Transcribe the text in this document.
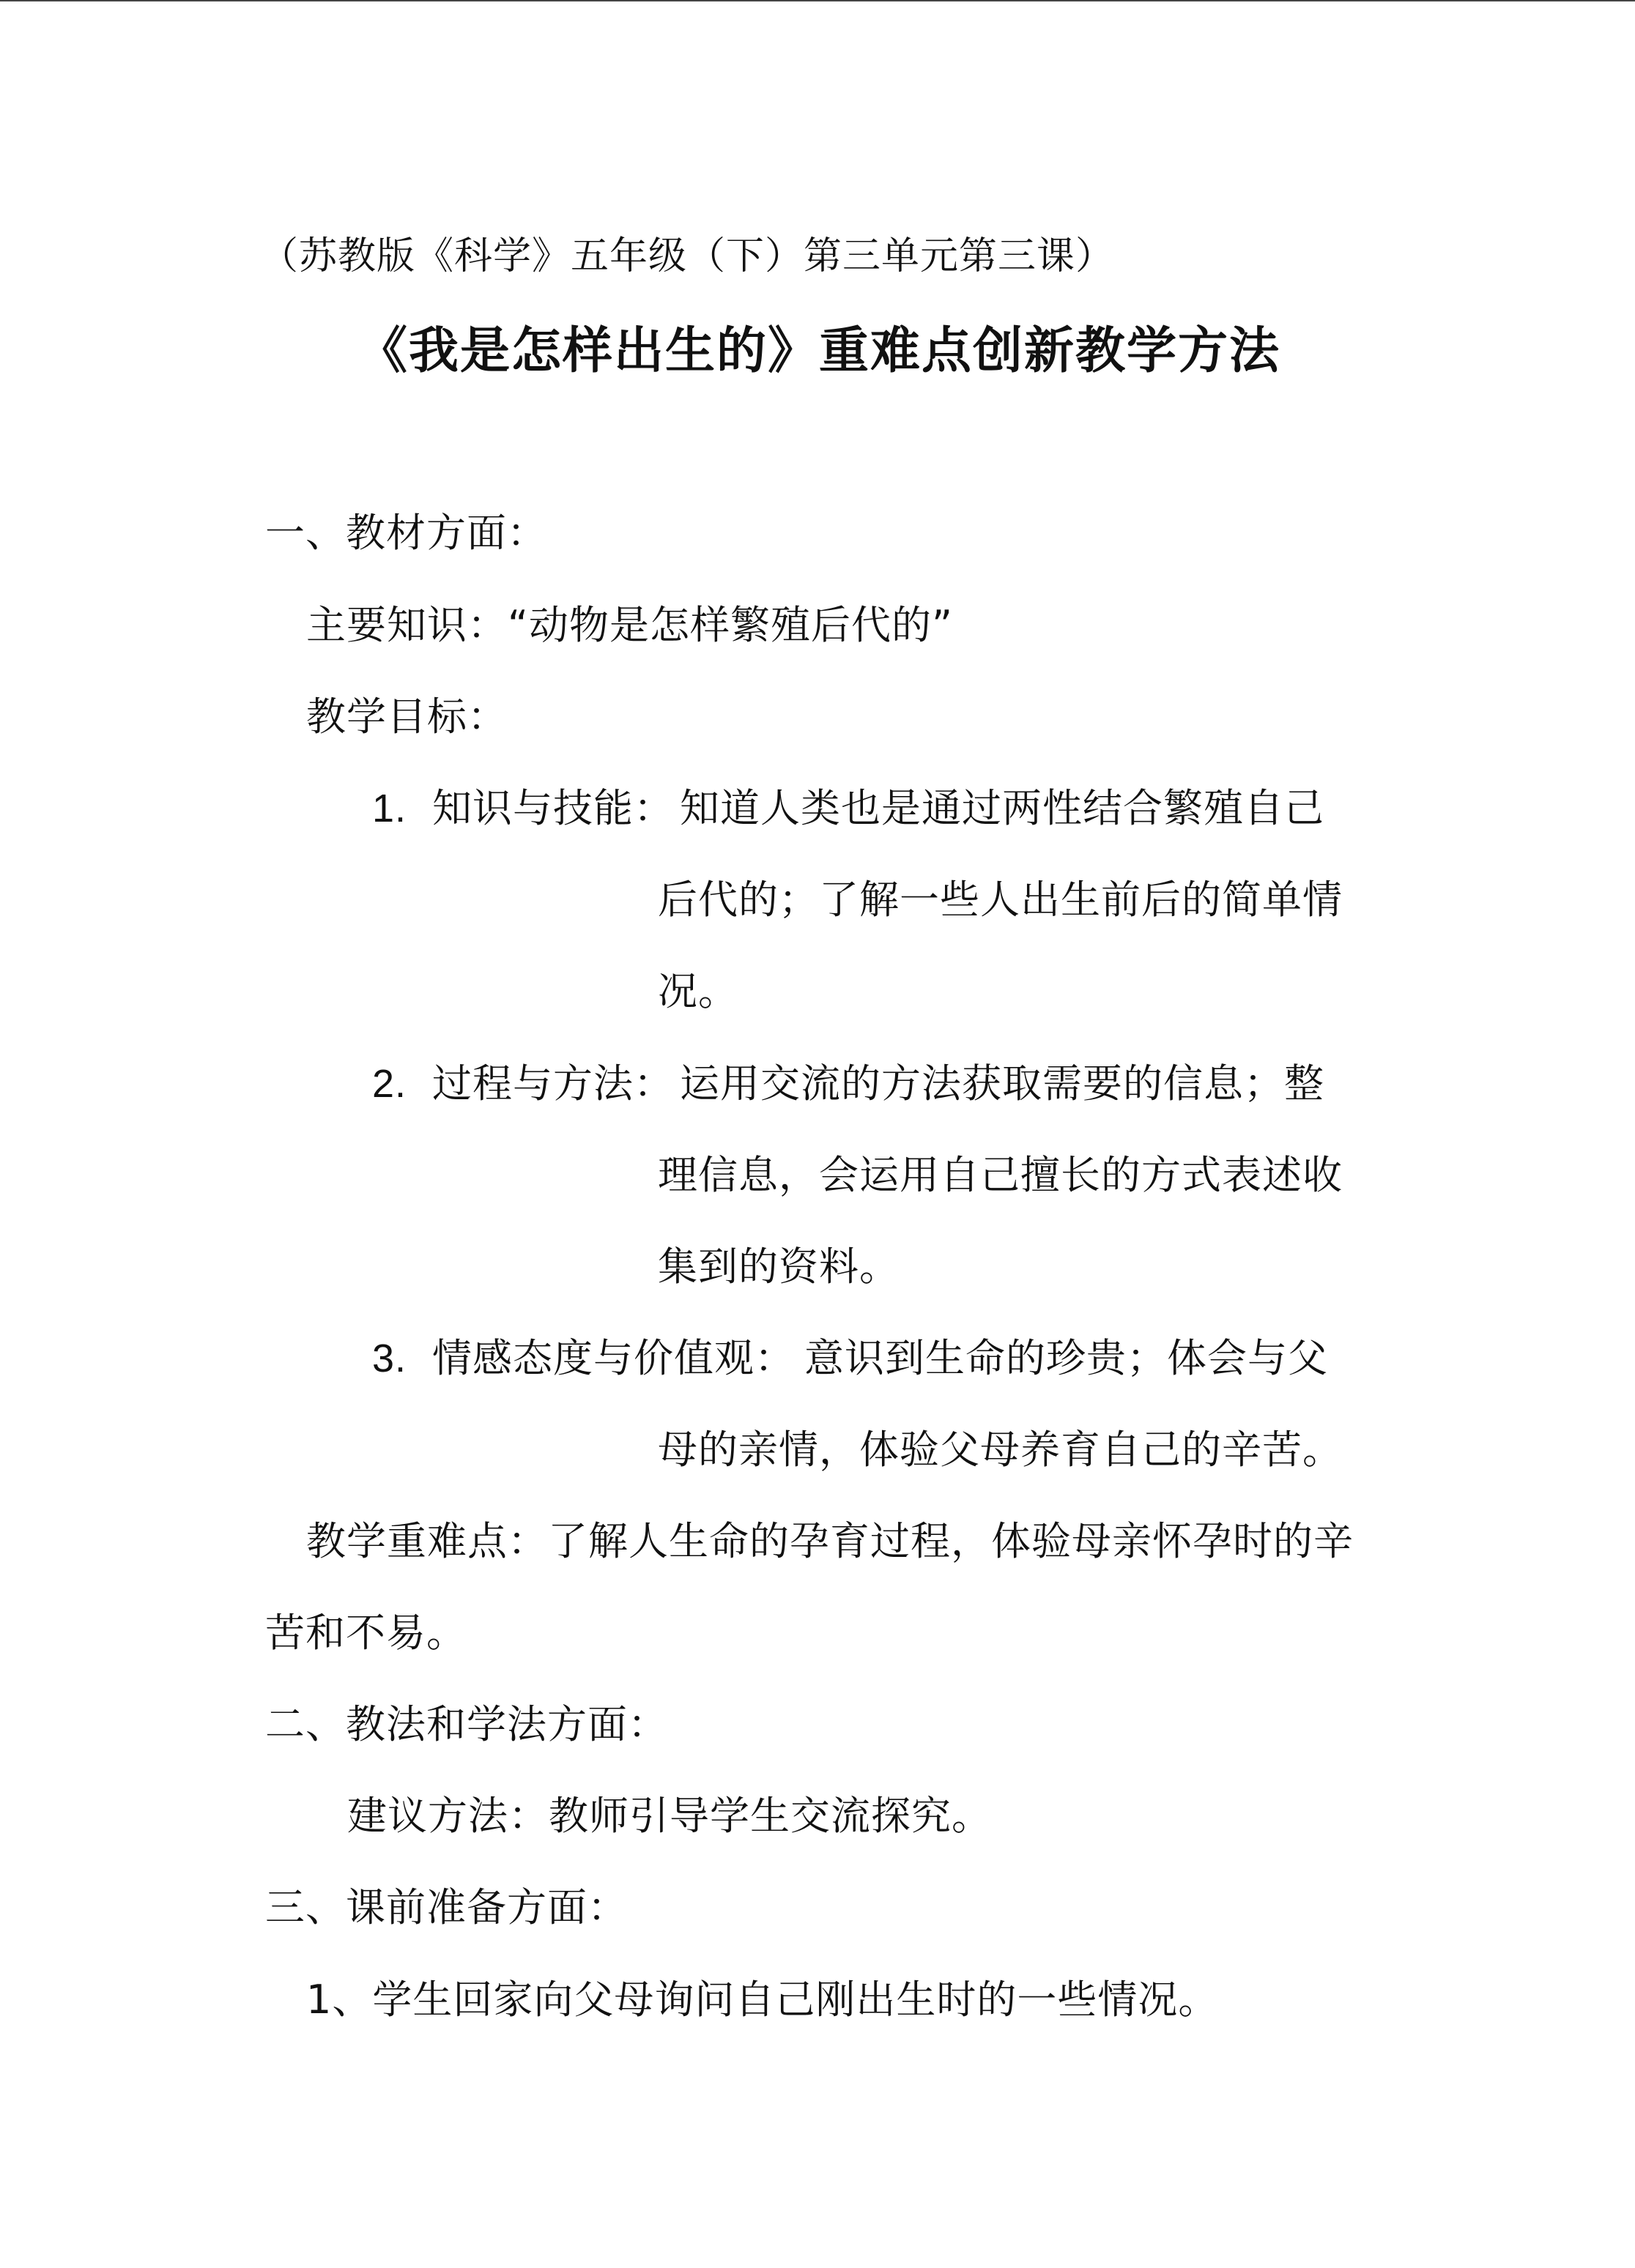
（苏教版《科学》五年级（下）第三单元第三课）
《我是怎样出生的》重难点创新教学方法
一、教材方面：
主要知识：“动物是怎样繁殖后代的”
教学目标：
1. 知识与技能： 知道人类也是通过两性结合繁殖自己
后代的；了解一些人出生前后的简单情
况。
2. 过程与方法： 运用交流的方法获取需要的信息；整
理信息，会运用自己擅长的方式表述收
集到的资料。
3. 情感态度与价值观： 意识到生命的珍贵；体会与父
母的亲情，体验父母养育自己的辛苦。
教学重难点：了解人生命的孕育过程，体验母亲怀孕时的辛
苦和不易。
二、教法和学法方面：
建议方法：教师引导学生交流探究。
三、课前准备方面：
1、学生回家向父母询问自己刚出生时的一些情况。
